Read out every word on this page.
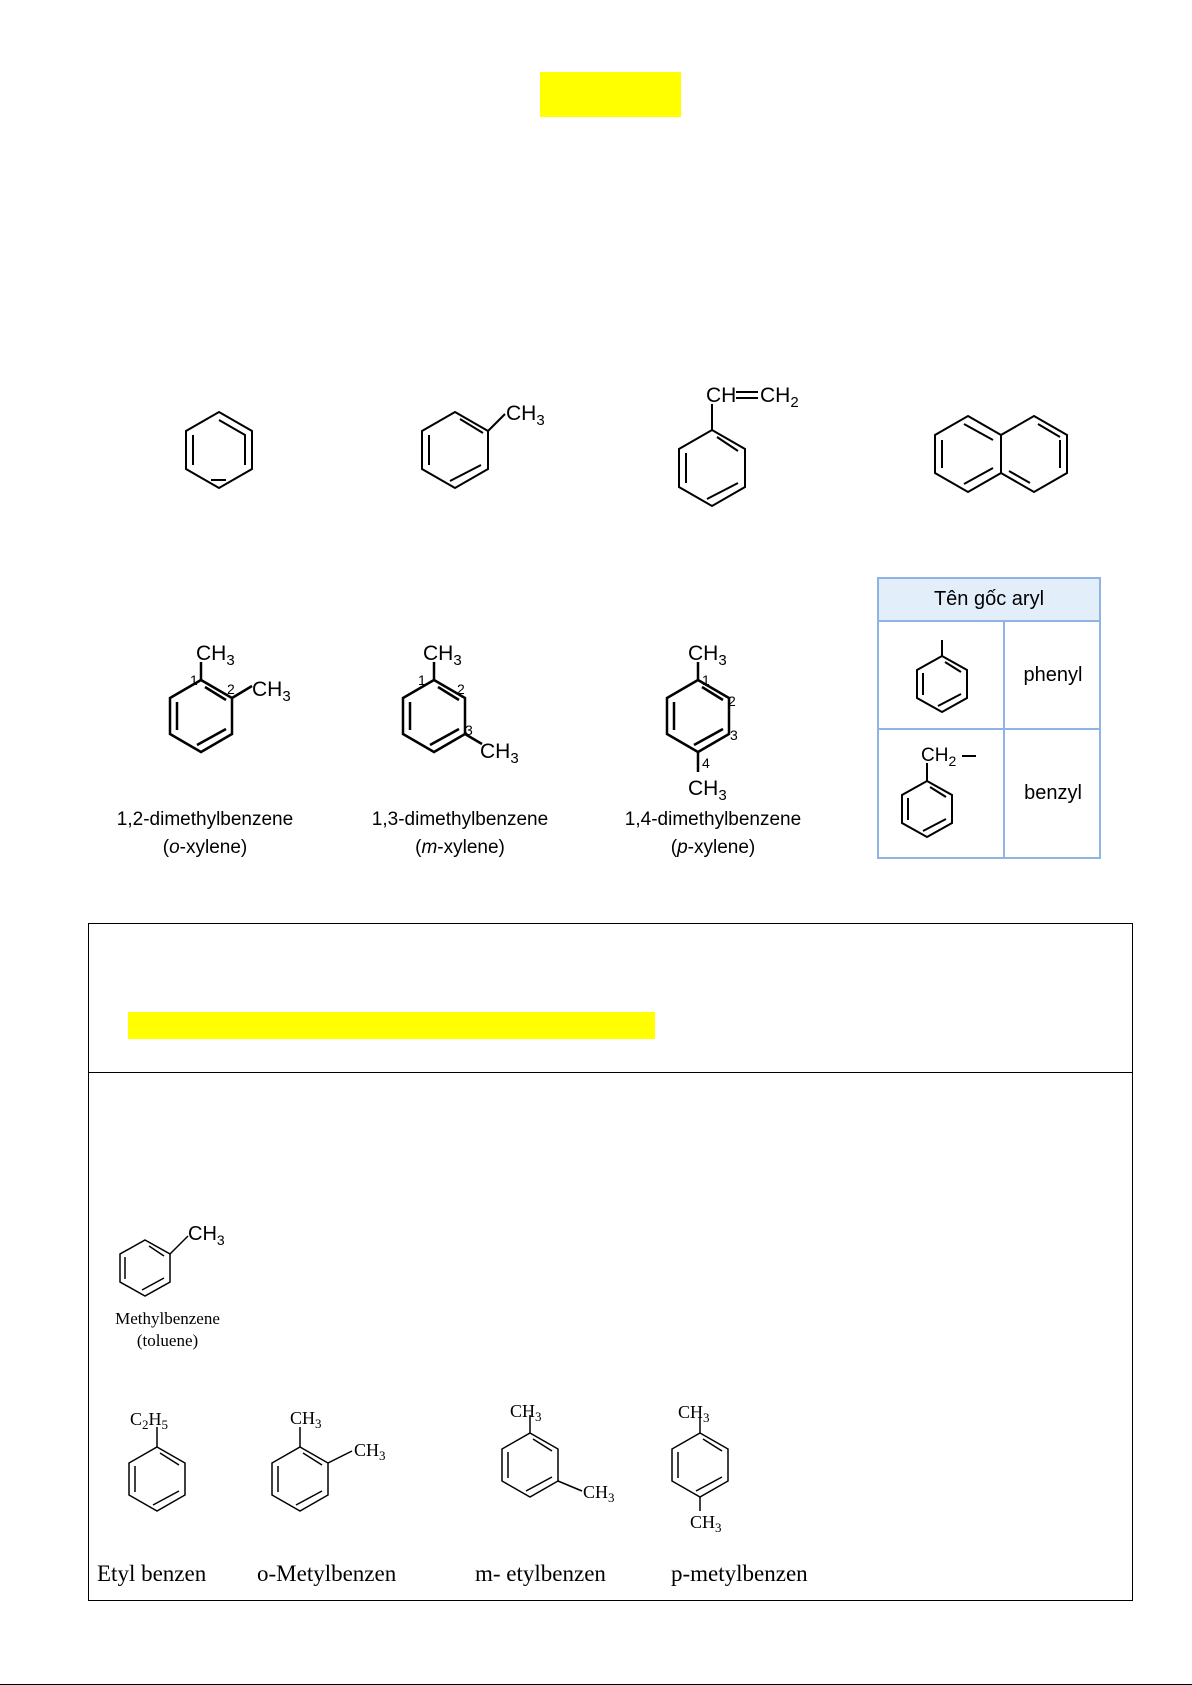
$CH_3$
CH $CH_2$
$CH_3$
$CH_3$
1
2
$CH_3$
$CH_3$
1
2
3
$CH_3$
$CH_3$
1
2
3
4
1,2-dimethylbenzene
(o-xylene)
1,3-dimethylbenzene
(m-xylene)
1,4-dimethylbenzene
(p-xylene)
Tên gốc aryl
phenyl
$CH_2$
benzyl
$CH_3$
Methylbenzene
(toluene)
$C_2H_5$	$CH_3$
$CH_3$
$CH_3$
$CH_3$
$CH_3$
$CH_3$
Etyl benzen o-Metylbenzen	m- etylbenzen	p-metylbenzen
